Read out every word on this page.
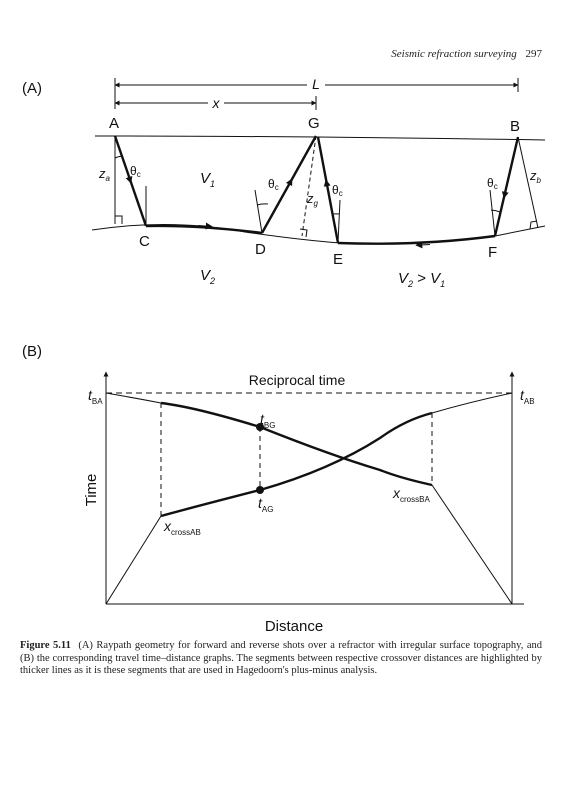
Seismic refraction surveying 297
(A)
(B)
L
x
A	B
G
C	D
E	F
$z_a$	$z_b$
$z_g$
θc
θc	θc
θc
$V_1$
$V_2$	$V_2 > V_1$
Reciprocal time
$t_{BA}$	$t_{AB}$
$t_{BG}$
$t_{AG}$
$x_{crossAB}$
$x_{crossBA}$
Time
Distance
Figure 5.11 (A) Raypath geometry for forward and reverse shots over a refractor with irregular surface topography, and (B) the corresponding travel time–distance graphs. The segments between respective crossover distances are highlighted by thicker lines as it is these segments that are used in Hagedoorn's plus-minus analysis.
